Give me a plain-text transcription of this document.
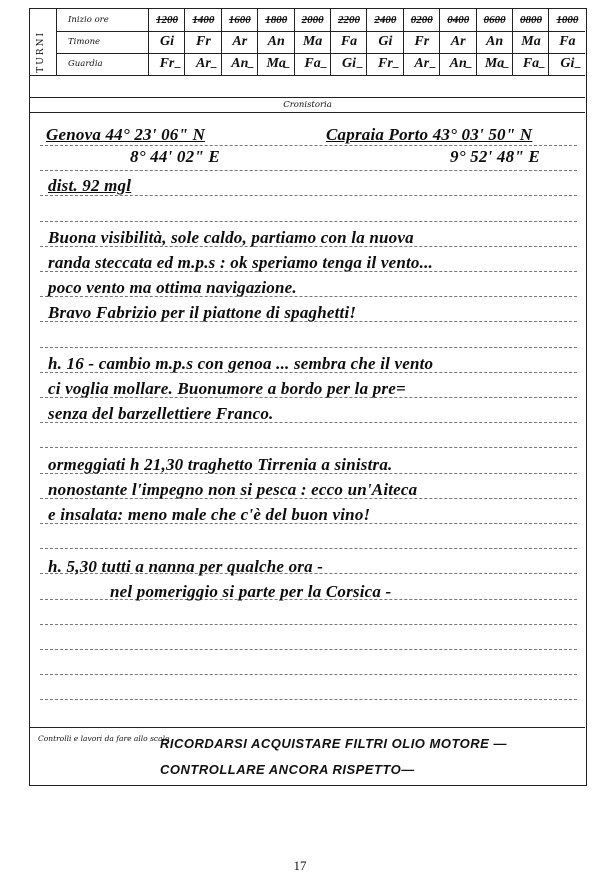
TURNI
Inizio ore
Timone
Guardia
1200
Gi
Fr
1400
Fr
Ar
1600
Ar
An
1800
An
Ma
2000
Ma
Fa
2200
Fa
Gi
2400
Gi
Fr
0200
Fr
Ar
0400
Ar
An
0600
An
Ma
0800
Ma
Fa
1000
Fa
Gi
Cronistoria
Genova 44° 23' 06" N	Capraia Porto 43° 03' 50" N
8° 44' 02" E	9° 52' 48" E
dist. 92 mgl
Buona visibilità, sole caldo, partiamo con la nuova
randa steccata ed m.p.s : ok speriamo tenga il vento...
poco vento ma ottima navigazione.
Bravo Fabrizio per il piattone di spaghetti!
h. 16 - cambio m.p.s con genoa ... sembra che il vento
ci voglia mollare. Buonumore a bordo per la pre=
senza del barzellettiere Franco.
ormeggiati h 21,30 traghetto Tirrenia a sinistra.
nonostante l'impegno non si pesca : ecco un'Aiteca
e insalata: meno male che c'è del buon vino!
h. 5,30 tutti a nanna per qualche ora -
nel pomeriggio si parte per la Corsica -
Controlli e lavori da fare allo scalo
RICORDARSI ACQUISTARE FILTRI OLIO MOTORE —
CONTROLLARE ANCORA RISPETTO—
17
